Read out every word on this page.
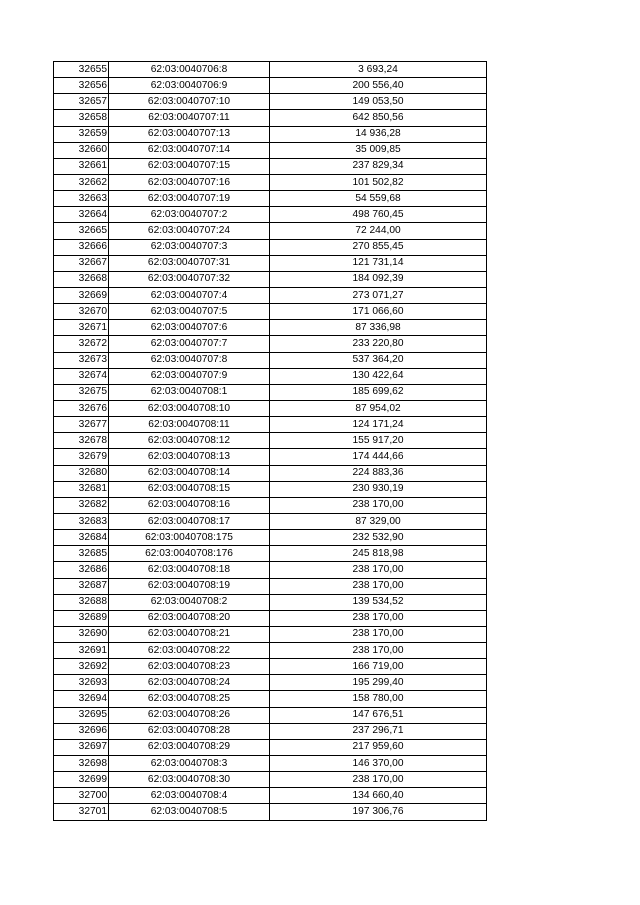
32655	62:03:0040706:8	3 693,24
32656	62:03:0040706:9	200 556,40
32657	62:03:0040707:10	149 053,50
32658	62:03:0040707:11	642 850,56
32659	62:03:0040707:13	14 936,28
32660	62:03:0040707:14	35 009,85
32661	62:03:0040707:15	237 829,34
32662	62:03:0040707:16	101 502,82
32663	62:03:0040707:19	54 559,68
32664	62:03:0040707:2	498 760,45
32665	62:03:0040707:24	72 244,00
32666	62:03:0040707:3	270 855,45
32667	62:03:0040707:31	121 731,14
32668	62:03:0040707:32	184 092,39
32669	62:03:0040707:4	273 071,27
32670	62:03:0040707:5	171 066,60
32671	62:03:0040707:6	87 336,98
32672	62:03:0040707:7	233 220,80
32673	62:03:0040707:8	537 364,20
32674	62:03:0040707:9	130 422,64
32675	62:03:0040708:1	185 699,62
32676	62:03:0040708:10	87 954,02
32677	62:03:0040708:11	124 171,24
32678	62:03:0040708:12	155 917,20
32679	62:03:0040708:13	174 444,66
32680	62:03:0040708:14	224 883,36
32681	62:03:0040708:15	230 930,19
32682	62:03:0040708:16	238 170,00
32683	62:03:0040708:17	87 329,00
32684	62:03:0040708:175	232 532,90
32685	62:03:0040708:176	245 818,98
32686	62:03:0040708:18	238 170,00
32687	62:03:0040708:19	238 170,00
32688	62:03:0040708:2	139 534,52
32689	62:03:0040708:20	238 170,00
32690	62:03:0040708:21	238 170,00
32691	62:03:0040708:22	238 170,00
32692	62:03:0040708:23	166 719,00
32693	62:03:0040708:24	195 299,40
32694	62:03:0040708:25	158 780,00
32695	62:03:0040708:26	147 676,51
32696	62:03:0040708:28	237 296,71
32697	62:03:0040708:29	217 959,60
32698	62:03:0040708:3	146 370,00
32699	62:03:0040708:30	238 170,00
32700	62:03:0040708:4	134 660,40
32701	62:03:0040708:5	197 306,76
